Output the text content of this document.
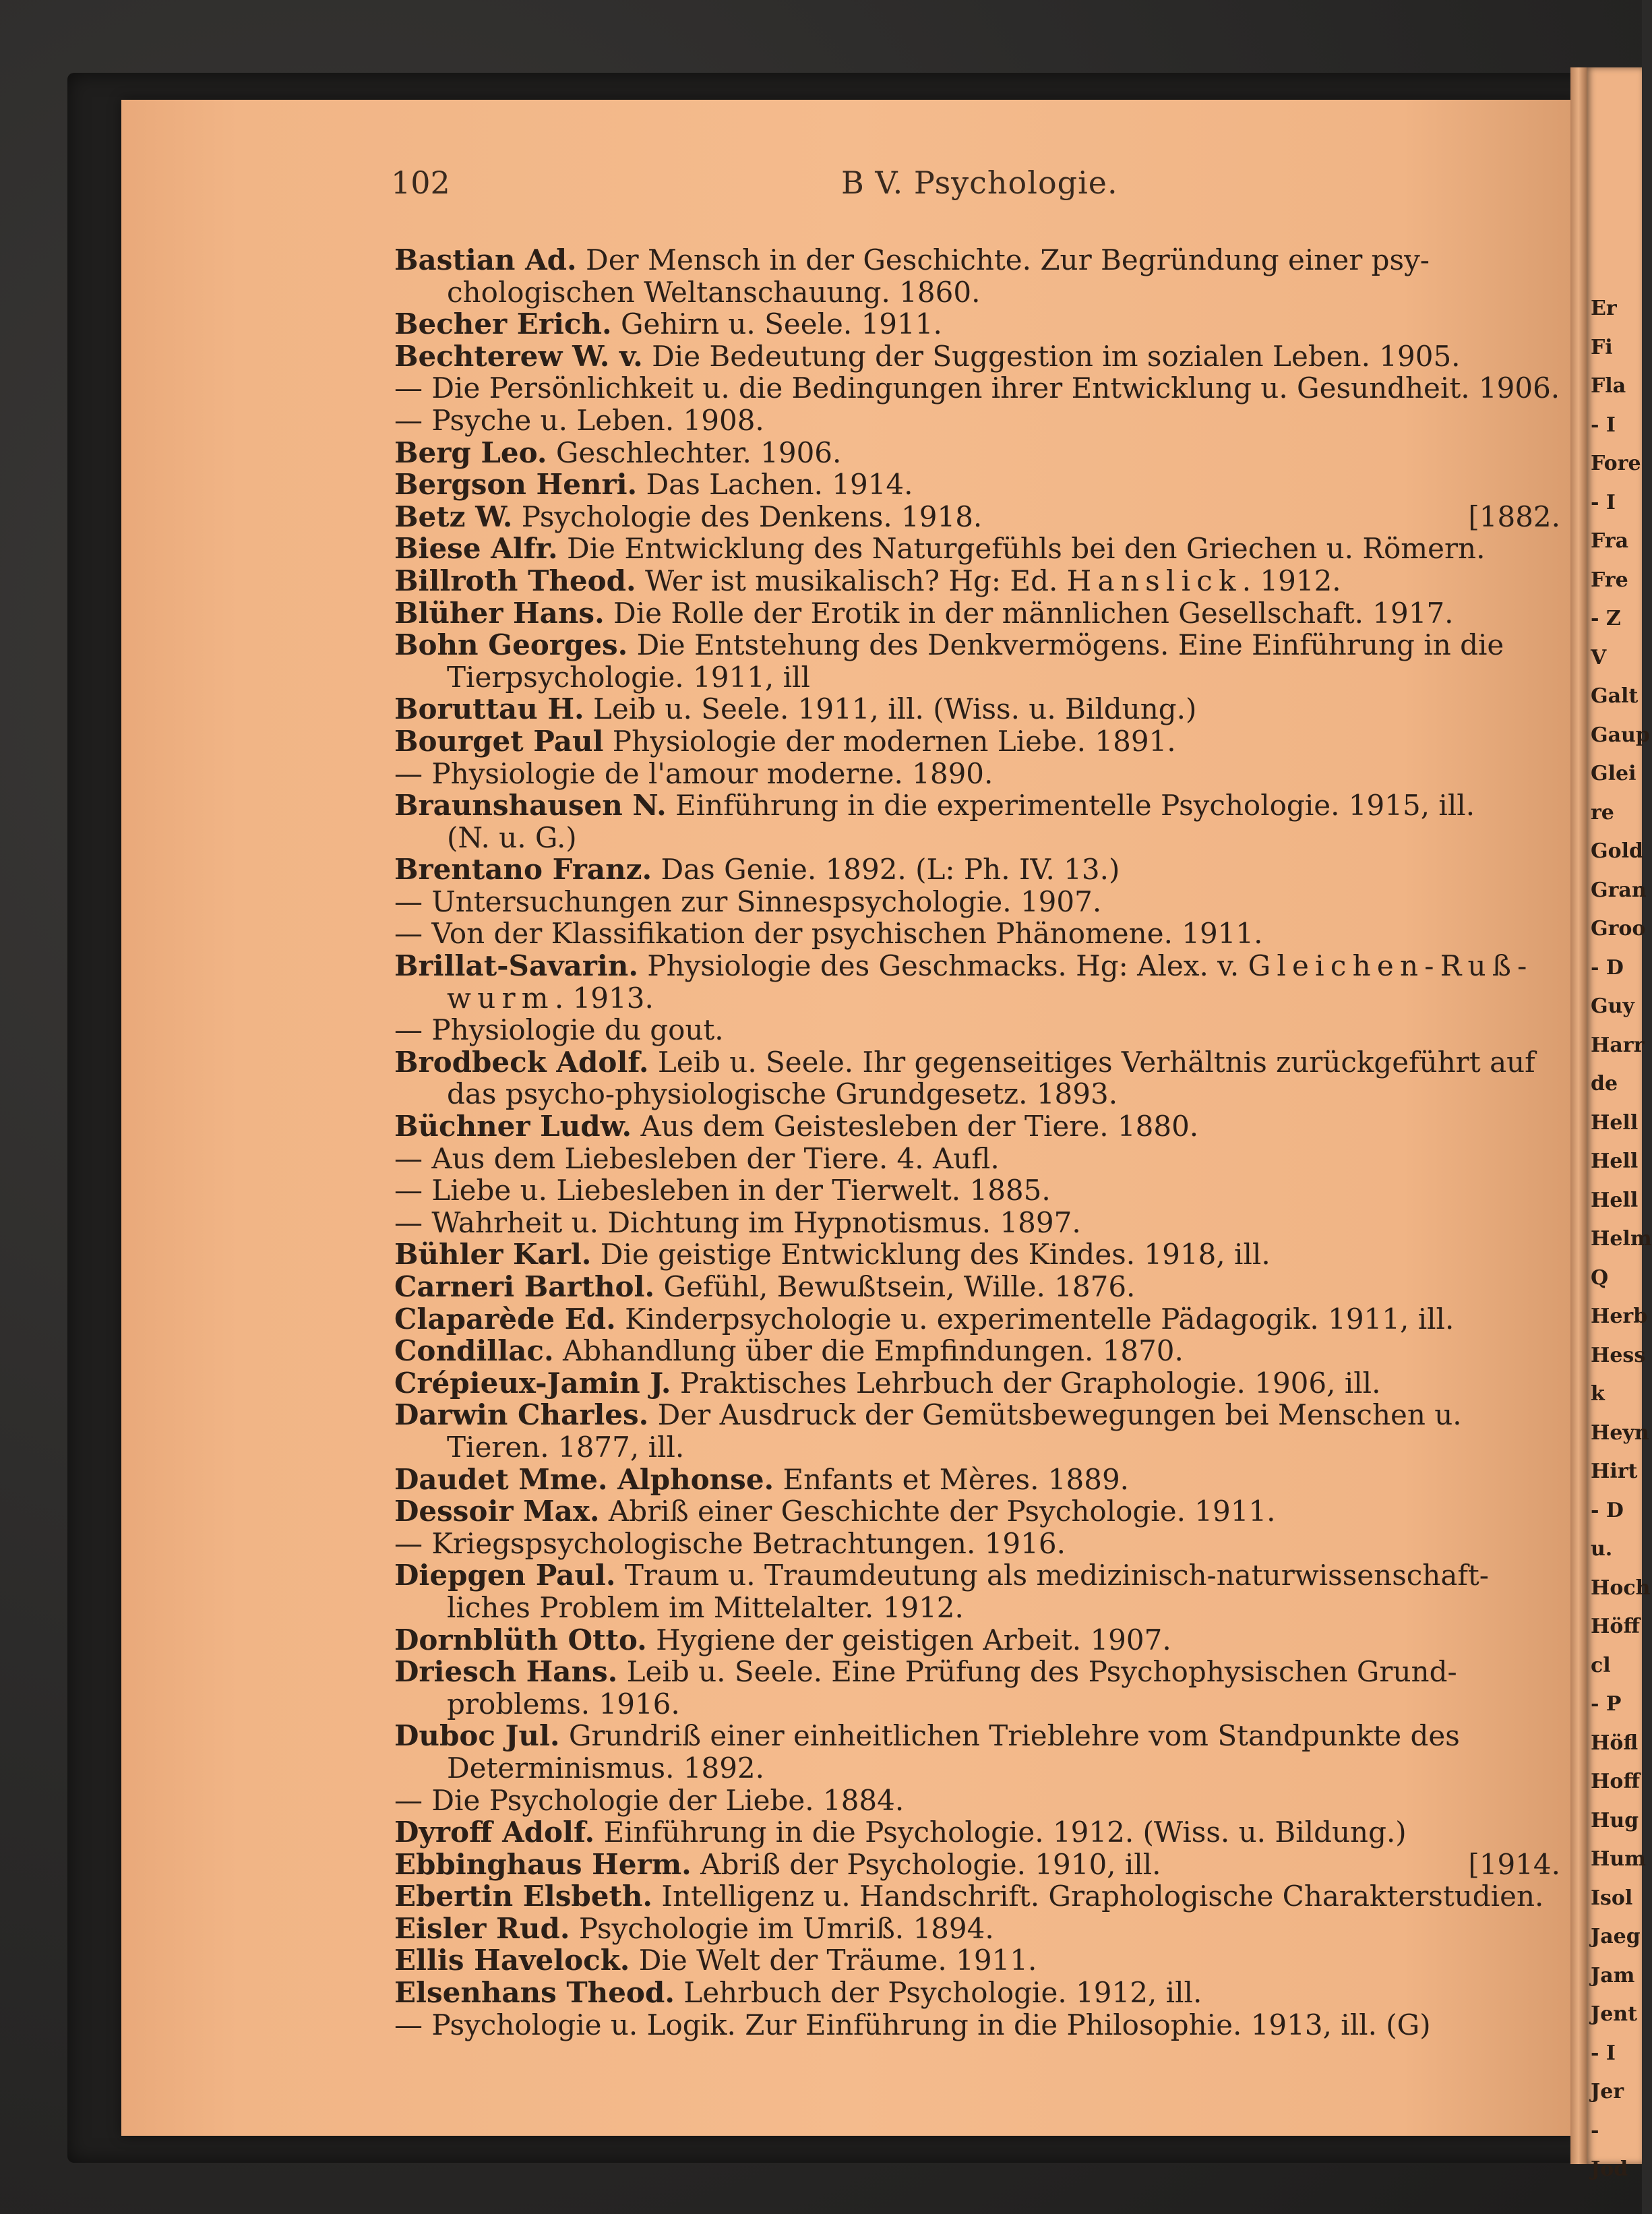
Er
Fi
Fla
- I
Fore
- I
Fra
Fre
- Z
V
Galt
Gaup
Glei
re
Gold
Gran
Groo
- D
Guy
Harr
de
Hell
Hell
Hell
Helm
Q
Herb
Hess
k
Heyn
Hirt
- D
u.
Hoch
Höff
cl
- P
Höfl
Hoff
Hug
Hum
Isol
Jaeg
Jam
Jent
- I
Jer
-
Jod
102	B V. Psychologie.
Bastian Ad. Der Mensch in der Geschichte. Zur Begründung einer psy-
chologischen Weltanschauung. 1860.
Becher Erich. Gehirn u. Seele. 1911.
Bechterew W. v. Die Bedeutung der Suggestion im sozialen Leben. 1905.
— Die Persönlichkeit u. die Bedingungen ihrer Entwicklung u. Gesundheit. 1906.
— Psyche u. Leben. 1908.
Berg Leo. Geschlechter. 1906.
Bergson Henri. Das Lachen. 1914.
[1882.
Betz W. Psychologie des Denkens. 1918.
Biese Alfr. Die Entwicklung des Naturgefühls bei den Griechen u. Römern.
Billroth Theod. Wer ist musikalisch? Hg: Ed. Hanslick. 1912.
Blüher Hans. Die Rolle der Erotik in der männlichen Gesellschaft. 1917.
Bohn Georges. Die Entstehung des Denkvermögens. Eine Einführung in die
Tierpsychologie. 1911, ill
Boruttau H. Leib u. Seele. 1911, ill. (Wiss. u. Bildung.)
Bourget Paul Physiologie der modernen Liebe. 1891.
— Physiologie de l'amour moderne. 1890.
Braunshausen N. Einführung in die experimentelle Psychologie. 1915, ill.
(N. u. G.)
Brentano Franz. Das Genie. 1892. (L: Ph. IV. 13.)
— Untersuchungen zur Sinnespsychologie. 1907.
— Von der Klassifikation der psychischen Phänomene. 1911.
Brillat-Savarin. Physiologie des Geschmacks. Hg: Alex. v. Gleichen-Ruß-
wurm. 1913.
— Physiologie du gout.
Brodbeck Adolf. Leib u. Seele. Ihr gegenseitiges Verhältnis zurückgeführt auf
das psycho-physiologische Grundgesetz. 1893.
Büchner Ludw. Aus dem Geistesleben der Tiere. 1880.
— Aus dem Liebesleben der Tiere. 4. Aufl.
— Liebe u. Liebesleben in der Tierwelt. 1885.
— Wahrheit u. Dichtung im Hypnotismus. 1897.
Bühler Karl. Die geistige Entwicklung des Kindes. 1918, ill.
Carneri Barthol. Gefühl, Bewußtsein, Wille. 1876.
Claparède Ed. Kinderpsychologie u. experimentelle Pädagogik. 1911, ill.
Condillac. Abhandlung über die Empfindungen. 1870.
Crépieux-Jamin J. Praktisches Lehrbuch der Graphologie. 1906, ill.
Darwin Charles. Der Ausdruck der Gemütsbewegungen bei Menschen u.
Tieren. 1877, ill.
Daudet Mme. Alphonse. Enfants et Mères. 1889.
Dessoir Max. Abriß einer Geschichte der Psychologie. 1911.
— Kriegspsychologische Betrachtungen. 1916.
Diepgen Paul. Traum u. Traumdeutung als medizinisch-naturwissenschaft-
liches Problem im Mittelalter. 1912.
Dornblüth Otto. Hygiene der geistigen Arbeit. 1907.
Driesch Hans. Leib u. Seele. Eine Prüfung des Psychophysischen Grund-
problems. 1916.
Duboc Jul. Grundriß einer einheitlichen Trieblehre vom Standpunkte des
Determinismus. 1892.
— Die Psychologie der Liebe. 1884.
Dyroff Adolf. Einführung in die Psychologie. 1912. (Wiss. u. Bildung.)
[1914.
Ebbinghaus Herm. Abriß der Psychologie. 1910, ill.
Ebertin Elsbeth. Intelligenz u. Handschrift. Graphologische Charakterstudien.
Eisler Rud. Psychologie im Umriß. 1894.
Ellis Havelock. Die Welt der Träume. 1911.
Elsenhans Theod. Lehrbuch der Psychologie. 1912, ill.
— Psychologie u. Logik. Zur Einführung in die Philosophie. 1913, ill. (G)
